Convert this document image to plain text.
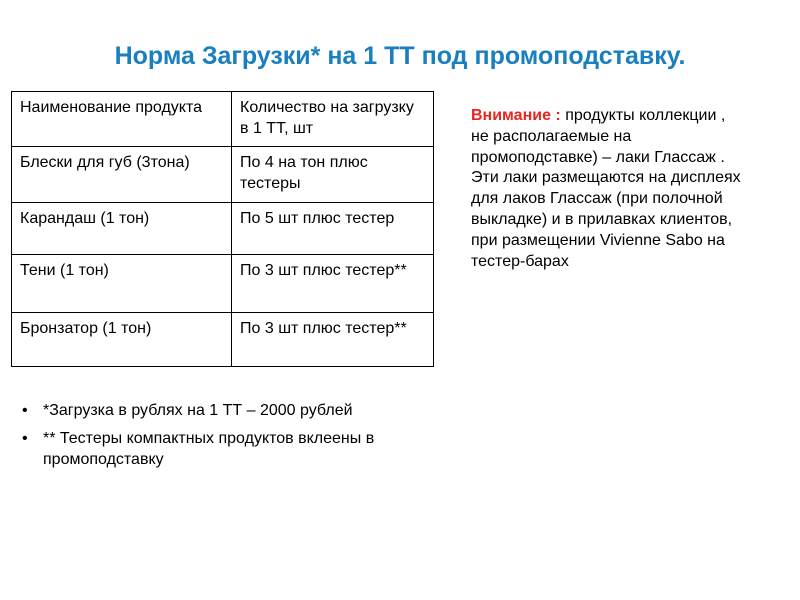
Норма Загрузки* на 1 ТТ под промоподставку.
Наименование продукта	Количество на загрузку в 1 ТТ, шт
Блески для губ (3тона)	По 4 на тон плюс тестеры
Карандаш (1 тон)	По 5 шт плюс тестер
Тени (1 тон)	По 3 шт плюс тестер**
Бронзатор (1 тон)	По 3 шт плюс тестер**
Внимание : продукты коллекции , не располагаемые на промоподставке) – лаки Глассаж . Эти лаки размещаются на дисплеях для лаков Глассаж (при полочной выкладке) и в прилавках клиентов, при размещении Vivienne Sabo на тестер-барах
• *Загрузка в рублях на 1 ТТ – 2000 рублей
• ** Тестеры компактных продуктов вклеены в промоподставку
